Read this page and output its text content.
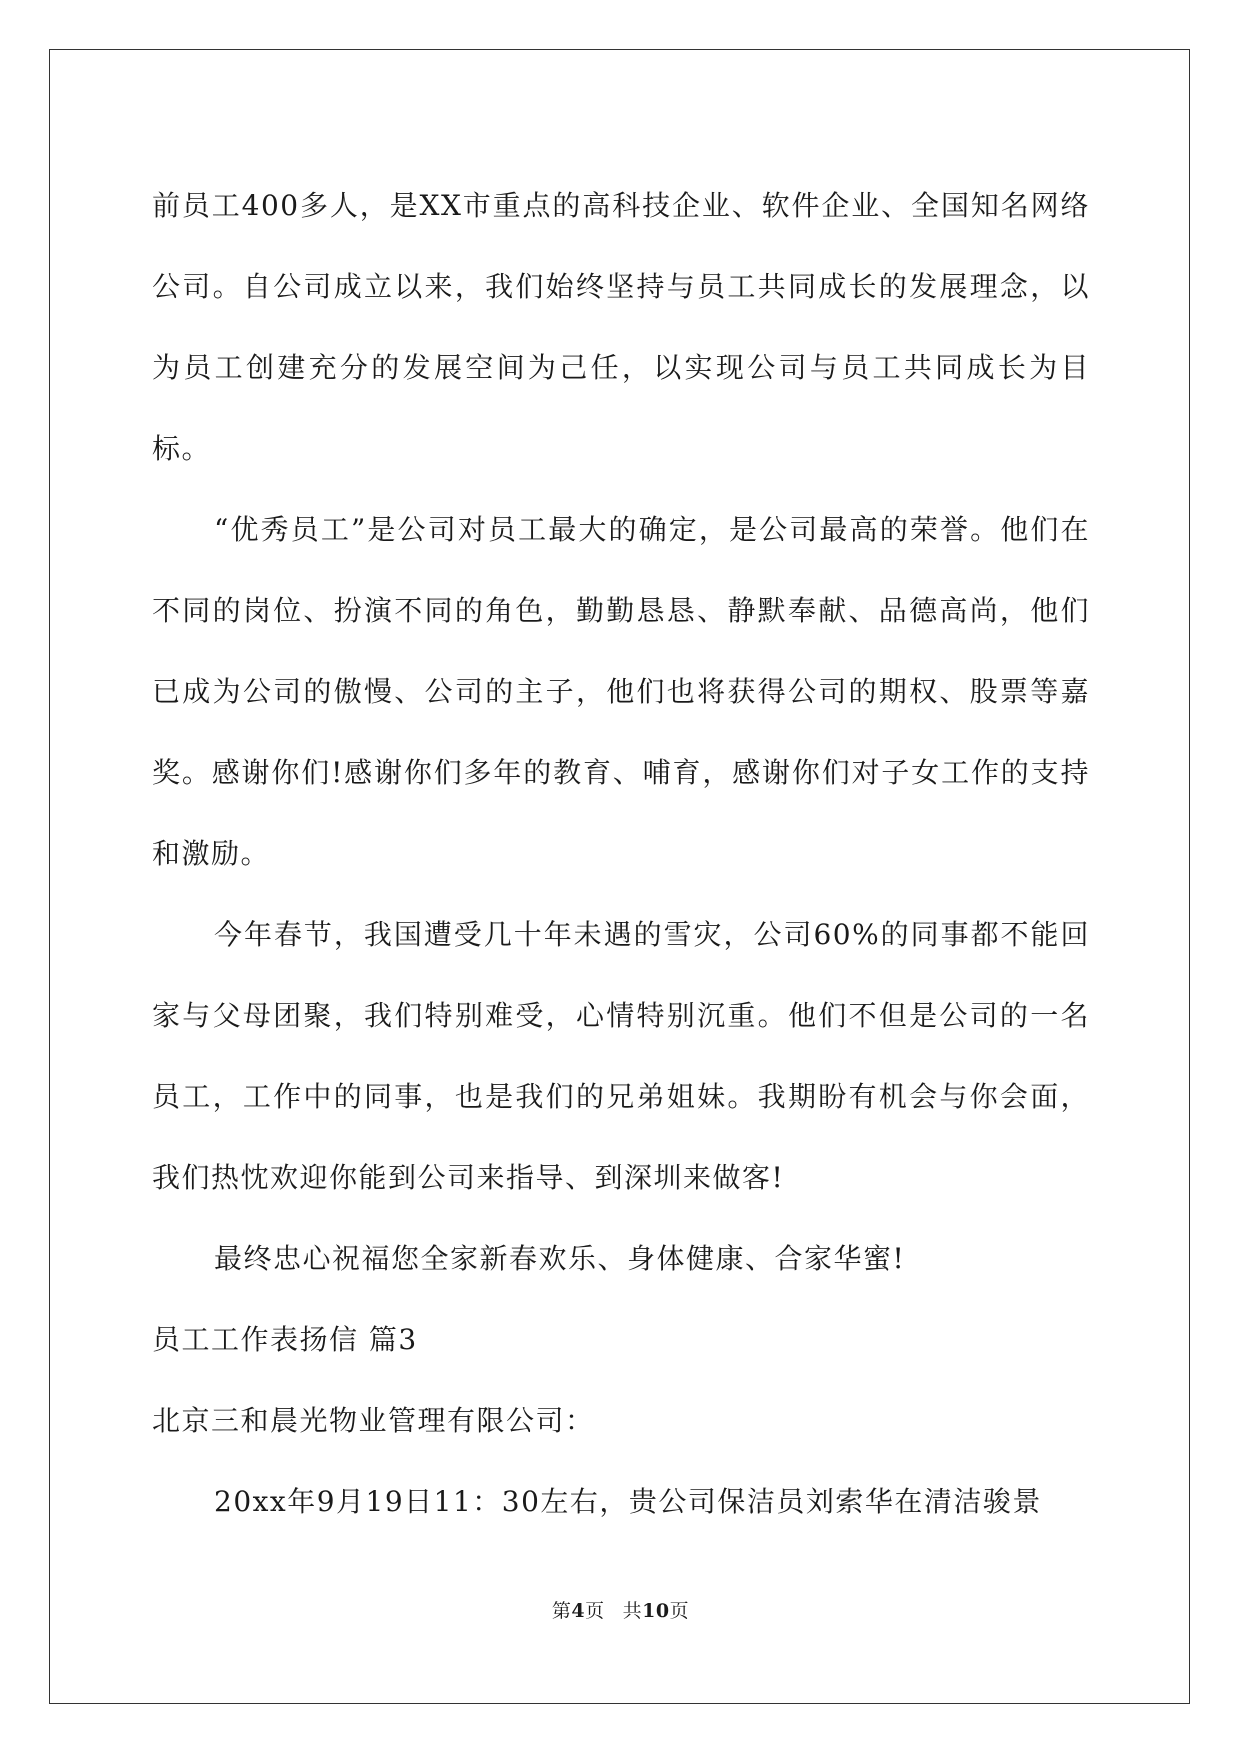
前员工400多人，是XX市重点的高科技企业、软件企业、全国知名网络公司。自公司成立以来，我们始终坚持与员工共同成长的发展理念，以为员工创建充分的发展空间为己任，以实现公司与员工共同成长为目标。

“优秀员工”是公司对员工最大的确定，是公司最高的荣誉。他们在不同的岗位、扮演不同的角色，勤勤恳恳、静默奉献、品德高尚，他们已成为公司的傲慢、公司的主子，他们也将获得公司的期权、股票等嘉奖。感谢你们!感谢你们多年的教育、哺育，感谢你们对子女工作的支持和激励。

今年春节，我国遭受几十年未遇的雪灾，公司60%的同事都不能回家与父母团聚，我们特别难受，心情特别沉重。他们不但是公司的一名员工，工作中的同事，也是我们的兄弟姐妹。我期盼有机会与你会面，我们热忱欢迎你能到公司来指导、到深圳来做客!

最终忠心祝福您全家新春欢乐、身体健康、合家华蜜!

员工工作表扬信 篇3

北京三和晨光物业管理有限公司：

20xx年9月19日11：30左右，贵公司保洁员刘索华在清洁骏景

第4页 共10页
